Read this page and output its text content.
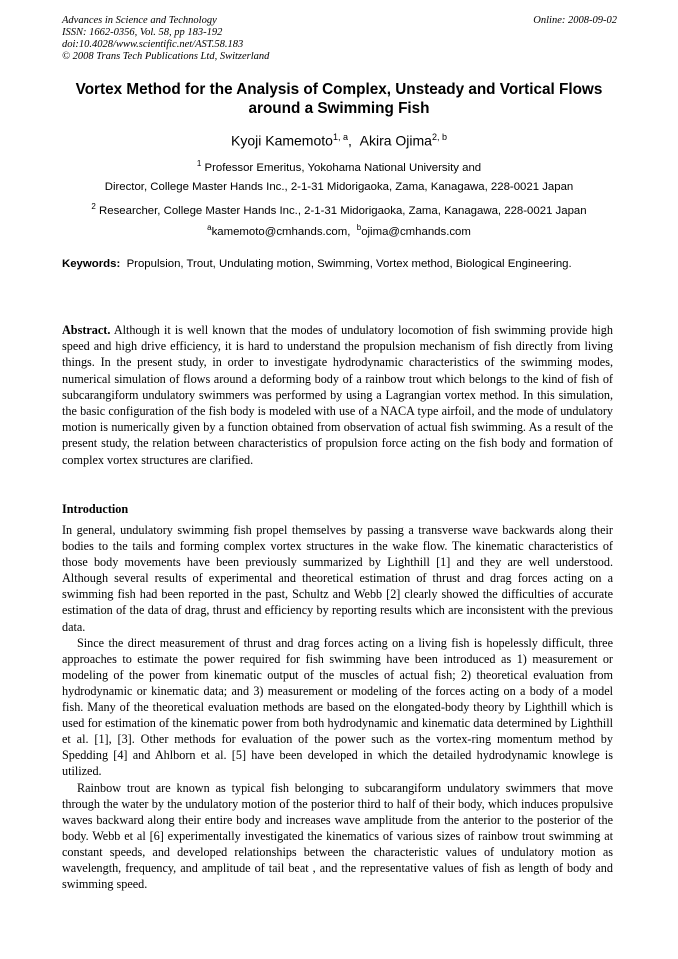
Advances in Science and Technology
ISSN: 1662-0356, Vol. 58, pp 183-192
doi:10.4028/www.scientific.net/AST.58.183
© 2008 Trans Tech Publications Ltd, Switzerland
Online: 2008-09-02
Vortex Method for the Analysis of Complex, Unsteady and Vortical Flows
around a Swimming Fish
Kyoji Kamemoto$^{1, a}$,  Akira Ojima$^{2, b}$
$^1$ Professor Emeritus, Yokohama National University and
Director, College Master Hands Inc., 2-1-31 Midorigaoka, Zama, Kanagawa, 228-0021 Japan
$^2$ Researcher, College Master Hands Inc., 2-1-31 Midorigaoka, Zama, Kanagawa, 228-0021 Japan
$^a$kamemoto@cmhands.com, $^b$ojima@cmhands.com
Keywords: Propulsion, Trout, Undulating motion, Swimming, Vortex method, Biological Engineering.
Abstract. Although it is well known that the modes of undulatory locomotion of fish swimming provide high speed and high drive efficiency, it is hard to understand the propulsion mechanism of fish directly from living things. In the present study, in order to investigate hydrodynamic characteristics of the swimming modes, numerical simulation of flows around a deforming body of a rainbow trout which belongs to the kind of fish of subcarangiform undulatory swimmers was performed by using a Lagrangian vortex method. In this simulation, the basic configuration of the fish body is modeled with use of a NACA type airfoil, and the mode of undulatory motion is numerically given by a function obtained from observation of actual fish swimming. As a result of the present study, the relation between characteristics of propulsion force acting on the fish body and formation of complex vortex structures are clarified.
Introduction

In general, undulatory swimming fish propel themselves by passing a transverse wave backwards along their bodies to the tails and forming complex vortex structures in the wake flow. The kinematic characteristics of those body movements have been previously summarized by Lighthill [1] and they are well understood. Although several results of experimental and theoretical estimation of thrust and drag forces acting on a swimming fish had been reported in the past, Schultz and Webb [2] clearly showed the difficulties of accurate estimation of the data of drag, thrust and efficiency by reporting results which are inconsistent with the previous data.

Since the direct measurement of thrust and drag forces acting on a living fish is hopelessly difficult, three approaches to estimate the power required for fish swimming have been introduced as 1) measurement or modeling of the power from kinematic output of the muscles of actual fish; 2) theoretical evaluation from hydrodynamic or kinematic data; and 3) measurement or modeling of the forces acting on a body of a model fish. Many of the theoretical evaluation methods are based on the elongated-body theory by Lighthill which is used for estimation of the kinematic power from both hydrodynamic and kinematic data determined by Lighthill et al. [1], [3]. Other methods for evaluation of the power such as the vortex-ring momentum method by Spedding [4] and Ahlborn et al. [5] have been developed in which the detailed hydrodynamic knowlege is utilized.

Rainbow trout are known as typical fish belonging to subcarangiform undulatory swimmers that move through the water by the undulatory motion of the posterior third to half of their body, which induces propulsive waves backward along their entire body and increases wave amplitude from the anterior to the posterior of the body. Webb et al [6] experimentally investigated the kinematics of various sizes of rainbow trout swimming at constant speeds, and developed relationships between the characteristic values of undulatory motion as wavelength, frequency, and amplitude of tail beat , and the representative values of fish as length of body and swimming speed.
